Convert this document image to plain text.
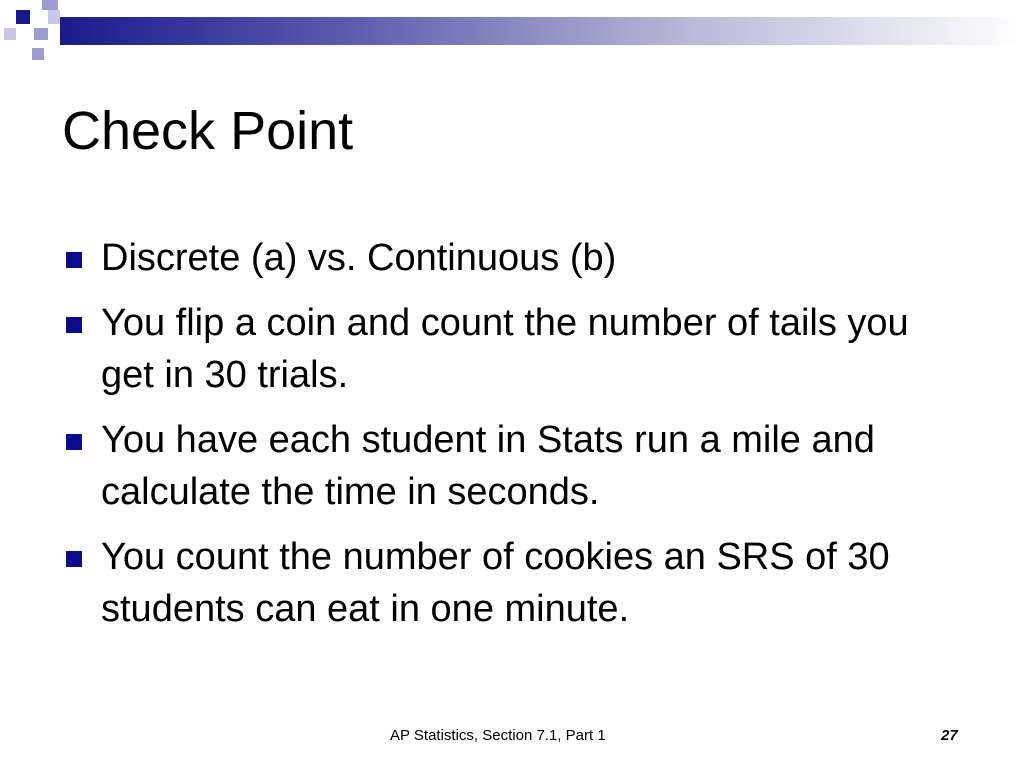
Check Point
Discrete (a) vs. Continuous (b)
You flip a coin and count the number of tails you get in 30 trials.
You have each student in Stats run a mile and calculate the time in seconds.
You count the number of cookies an SRS of 30 students can eat in one minute.
AP Statistics, Section 7.1, Part 1	27
